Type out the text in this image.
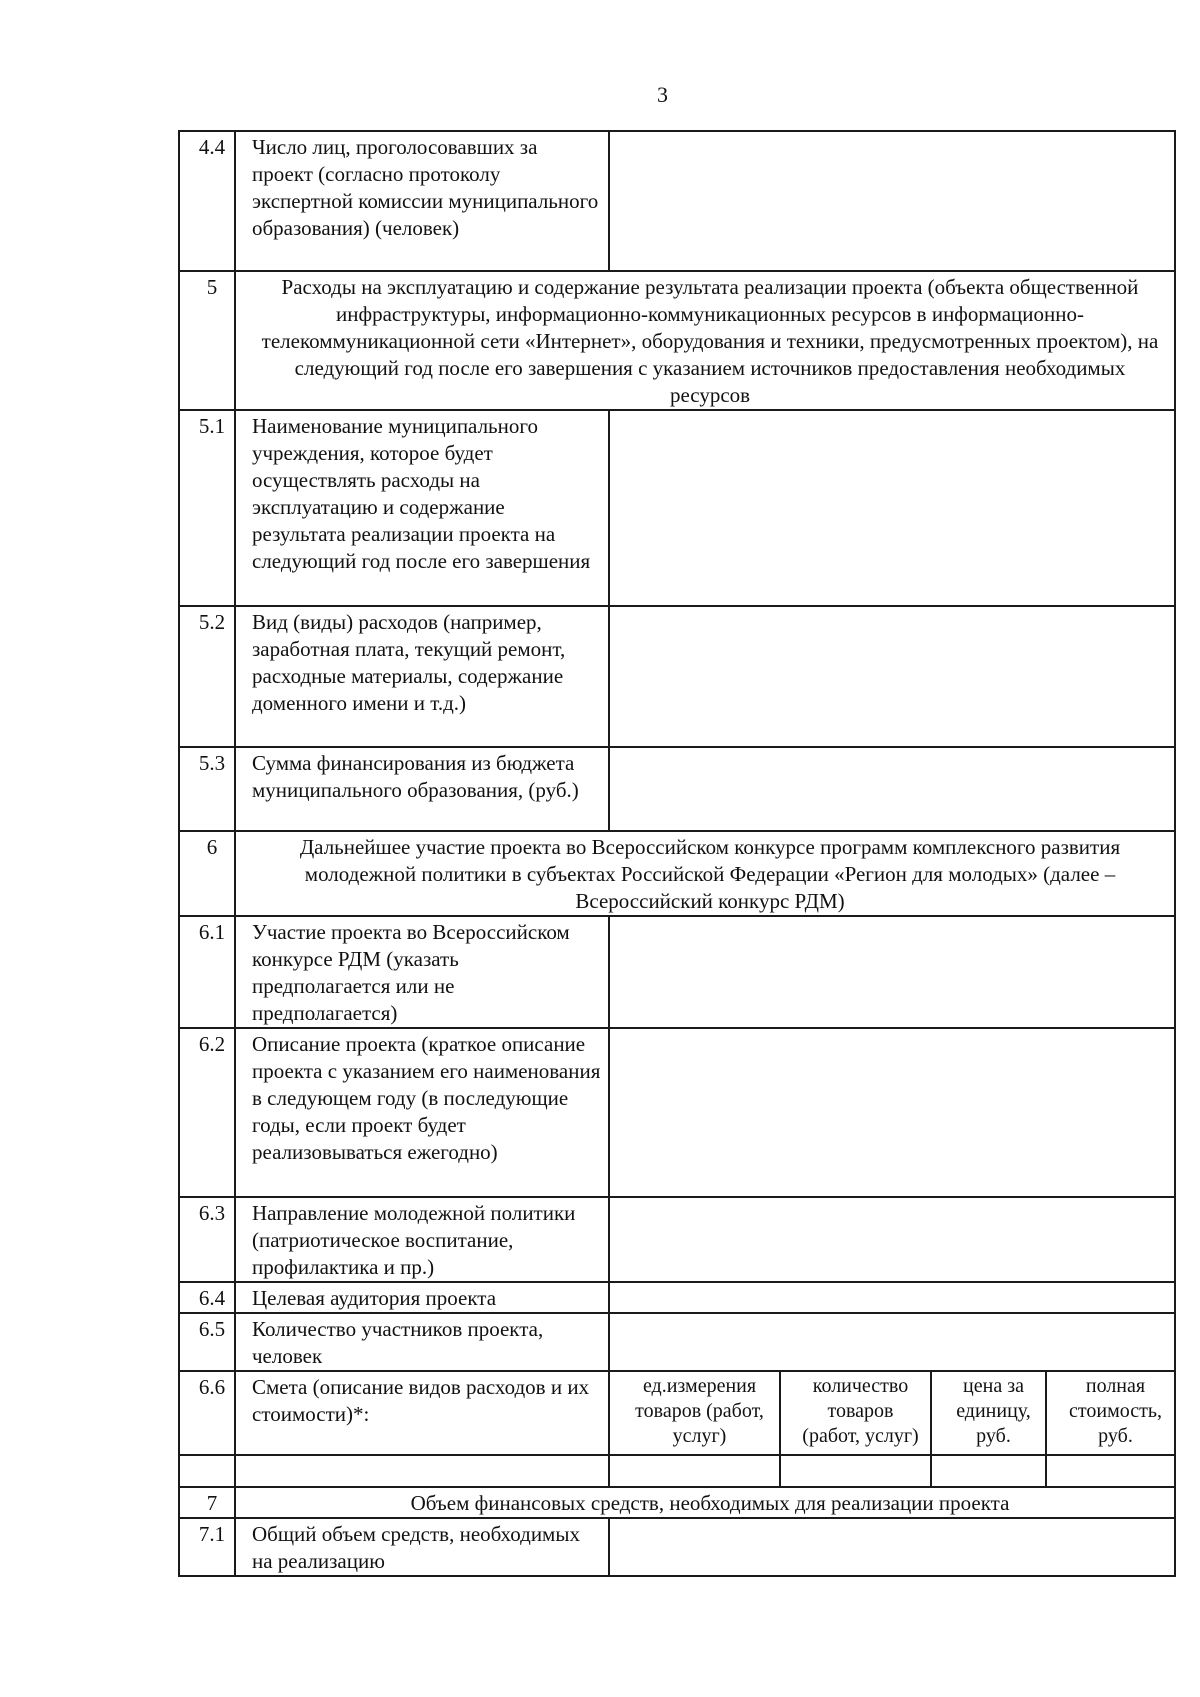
3
4.4	Число лиц, проголосовавших за проект (согласно протоколу экспертной комиссии муниципального образования) (человек)				
5	Расходы на эксплуатацию и содержание результата реализации проекта (объекта общественной инфраструктуры, информационно-коммуникационных ресурсов в информационно-телекоммуникационной сети «Интернет», оборудования и техники, предусмотренных проектом), на следующий год после его завершения с указанием источников предоставления необходимых ресурсов				
5.1	Наименование муниципального учреждения, которое будет осуществлять расходы на эксплуатацию и содержание результата реализации проекта на следующий год после его завершения				
5.2	Вид (виды) расходов (например, заработная плата, текущий ремонт, расходные материалы, содержание доменного имени и т.д.)				
5.3	Сумма финансирования из бюджета муниципального образования, (руб.)				
6	Дальнейшее участие проекта во Всероссийском конкурсе программ комплексного развития молодежной политики в субъектах Российской Федерации «Регион для молодых» (далее – Всероссийский конкурс РДМ)				
6.1	Участие проекта во Всероссийском конкурсе РДМ (указать предполагается или не предполагается)				
6.2	Описание проекта (краткое описание проекта с указанием его наименования в следующем году (в последующие годы, если проект будет реализовываться ежегодно)				
6.3	Направление молодежной политики (патриотическое воспитание, профилактика и пр.)				
6.4	Целевая аудитория проекта				
6.5	Количество участников проекта, человек				
6.6	Смета (описание видов расходов и их стоимости)*:	ед.измерения товаров (работ, услуг)	количество товаров (работ, услуг)	цена за единицу, руб.	полная стоимость, руб.

7	Объем финансовых средств, необходимых для реализации проекта				
7.1	Общий объем средств, необходимых на реализацию				
